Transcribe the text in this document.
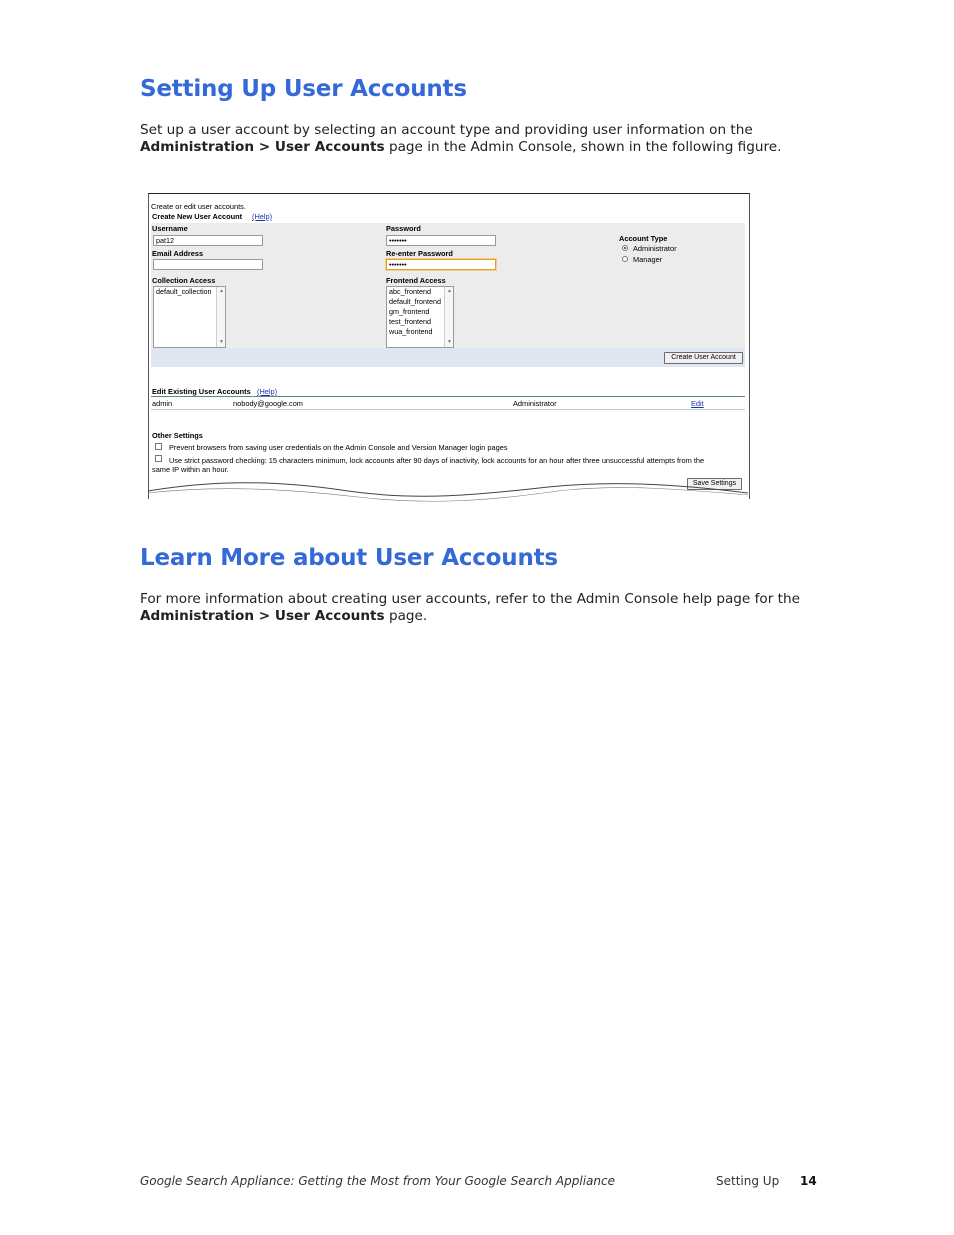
Setting Up User Accounts

Set up a user account by selecting an account type and providing user information on the
Administration > User Accounts page in the Admin Console, shown in the following figure.

Create or edit user accounts.
Create New User Account (Help)
Username
pat12
Email Address
Password
•••••••
Re-enter Password
•••••••
Account Type
Administrator
Manager
Collection Access
default_collection	▲
▼
Frontend Access
abc_frontend
default_frontend
gm_frontend
test_frontend
wua_frontend
▲
▼
Create User Account
Edit Existing User Accounts (Help)
admin	nobody@google.com	Administrator	Edit
Other Settings
Prevent browsers from saving user credentials on the Admin Console and Version Manager login pages
Use strict password checking: 15 characters minimum, lock accounts after 90 days of inactivity, lock accounts for an hour after three unsuccessful attempts from the
same IP within an hour.
Save Settings
Learn More about User Accounts

For more information about creating user accounts, refer to the Admin Console help page for the
Administration > User Accounts page.

Google Search Appliance: Getting the Most from Your Google Search Appliance	Setting Up 14
